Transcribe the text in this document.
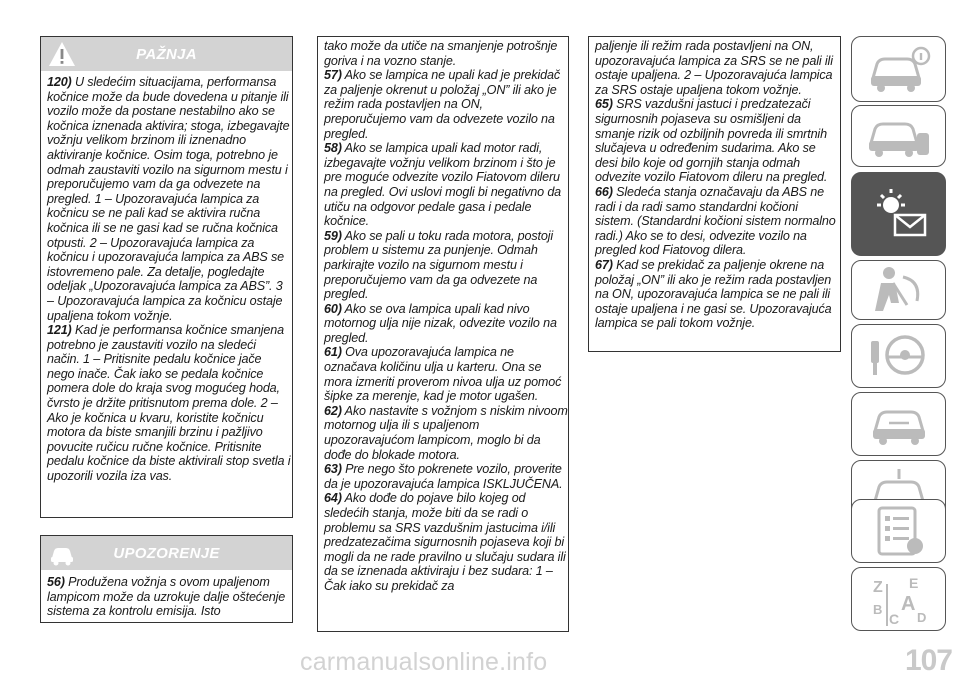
PAŽNJA

120) U sledećim situacijama, performansa kočnice može da bude dovedena u pitanje ili vozilo može da postane nestabilno ako se kočnica iznenada aktivira; stoga, izbegavajte vožnju velikom brzinom ili iznenadno aktiviranje kočnice. Osim toga, potrebno je odmah zaustaviti vozilo na sigurnom mestu i preporučujemo vam da ga odvezete na pregled. 1 – Upozoravajuća lampica za kočnicu se ne pali kad se aktivira ručna kočnica ili se ne gasi kad se ručna kočnica otpusti. 2 – Upozoravajuća lampica za kočnicu i upozoravajuća lampica za ABS se istovremeno pale. Za detalje, pogledajte odeljak „Upozoravajuća lampica za ABS”. 3 – Upozoravajuća lampica za kočnicu ostaje upaljena tokom vožnje.

121) Kad je performansa kočnice smanjena potrebno je zaustaviti vozilo na sledeći način. 1 – Pritisnite pedalu kočnice jače nego inače. Čak iako se pedala kočnice pomera dole do kraja svog mogućeg hoda, čvrsto je držite pritisnutom prema dole. 2 – Ako je kočnica u kvaru, koristite kočnicu motora da biste smanjili brzinu i pažljivo povucite ručicu ručne kočnice. Pritisnite pedalu kočnice da biste aktivirali stop svetla i upozorili vozila iza vas.

UPOZORENJE

56) Produžena vožnja s ovom upaljenom lampicom može da uzrokuje dalje oštećenje sistema za kontrolu emisija. Isto

tako može da utiče na smanjenje potrošnje goriva i na vozno stanje.

57) Ako se lampica ne upali kad je prekidač za paljenje okrenut u položaj „ON” ili ako je režim rada postavljen na ON, preporučujemo vam da odvezete vozilo na pregled.

58) Ako se lampica upali kad motor radi, izbegavajte vožnju velikom brzinom i što je pre moguće odvezite vozilo Fiatovom dileru na pregled. Ovi uslovi mogli bi negativno da utiču na odgovor pedale gasa i pedale kočnice.

59) Ako se pali u toku rada motora, postoji problem u sistemu za punjenje. Odmah parkirajte vozilo na sigurnom mestu i preporučujemo vam da ga odvezete na pregled.

60) Ako se ova lampica upali kad nivo motornog ulja nije nizak, odvezite vozilo na pregled.

61) Ova upozoravajuća lampica ne označava količinu ulja u karteru. Ona se mora izmeriti proverom nivoa ulja uz pomoć šipke za merenje, kad je motor ugašen.

62) Ako nastavite s vožnjom s niskim nivoom motornog ulja ili s upaljenom upozoravajućom lampicom, moglo bi da dođe do blokade motora.

63) Pre nego što pokrenete vozilo, proverite da je upozoravajuća lampica ISKLJUČENA.

64) Ako dođe do pojave bilo kojeg od sledećih stanja, može biti da se radi o problemu sa SRS vazdušnim jastucima i/ili predzatezačima sigurnosnih pojaseva koji bi mogli da ne rade pravilno u slučaju sudara ili da se iznenada aktiviraju i bez sudara: 1 – Čak iako su prekidač za

paljenje ili režim rada postavljeni na ON, upozoravajuća lampica za SRS se ne pali ili ostaje upaljena. 2 – Upozoravajuća lampica za SRS ostaje upaljena tokom vožnje.

65) SRS vazdušni jastuci i predzatezači sigurnosnih pojaseva su osmišljeni da smanje rizik od ozbiljnih povreda ili smrtnih slučajeva u određenim sudarima. Ako se desi bilo koje od gornjih stanja odmah odvezite vozilo Fiatovom dileru na pregled.

66) Sledeća stanja označavaju da ABS ne radi i da radi samo standardni kočioni sistem. (Standardni kočioni sistem normalno radi.) Ako se to desi, odvezite vozilo na pregled kod Fiatovog dilera.

67) Kad se prekidač za paljenje okrene na položaj „ON” ili ako je režim rada postavljen na ON, upozoravajuća lampica se ne pali ili ostaje upaljena i ne gasi se. Upozoravajuća lampica se pali tokom vožnje.

Z E
B A
C D
107
carmanualsonline.info
